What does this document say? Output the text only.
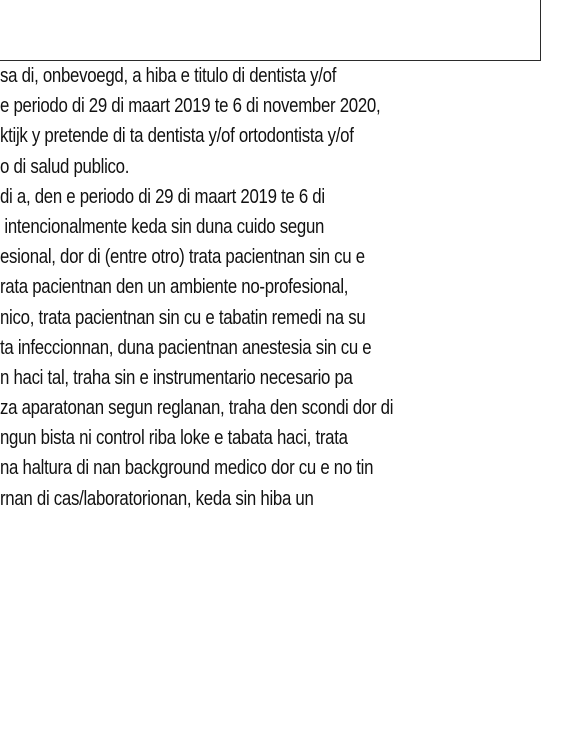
sa di, onbevoegd, a hiba e titulo di dentista y/of
e periodo di 29 di maart 2019 te 6 di november 2020,
ktijk y pretende di ta dentista y/of ortodontista y/of
o di salud publico.
di a, den e periodo di 29 di maart 2019 te 6 di
intencionalmente keda sin duna cuido segun
esional, dor di (entre otro) trata pacientnan sin cu e
rata pacientnan den un ambiente no-profesional,
nico, trata pacientnan sin cu e tabatin remedi na su
ta infeccionnan, duna pacientnan anestesia sin cu e
n haci tal, traha sin e instrumentario necesario pa
za aparatonan segun reglanan, traha den scondi dor di
ngun bista ni control riba loke e tabata haci, trata
na haltura di nan background medico dor cu e no tin
rnan di cas/laboratorionan, keda sin hiba un
